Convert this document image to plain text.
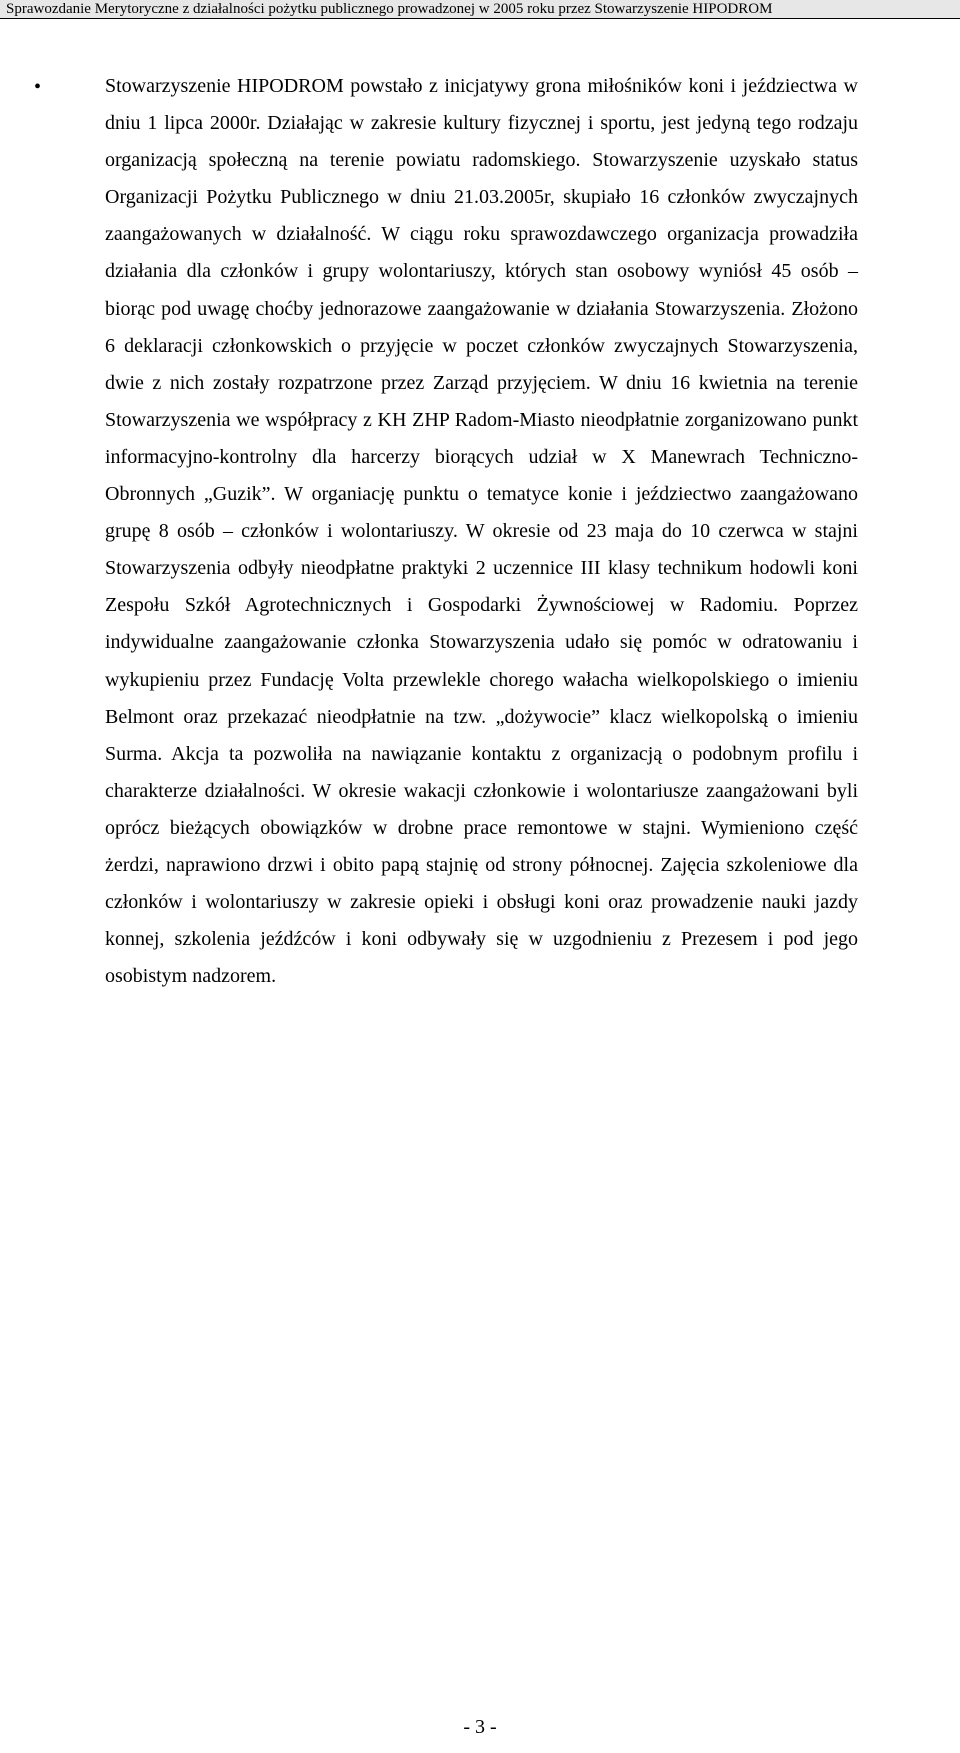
Sprawozdanie Merytoryczne z działalności pożytku publicznego prowadzonej w 2005 roku przez Stowarzyszenie HIPODROM
•	Stowarzyszenie HIPODROM powstało z inicjatywy grona miłośników koni i jeździectwa w dniu 1 lipca 2000r. Działając w zakresie kultury fizycznej i sportu, jest jedyną tego rodzaju organizacją społeczną na terenie powiatu radomskiego. Stowarzyszenie uzyskało status Organizacji Pożytku Publicznego w dniu 21.03.2005r, skupiało 16 członków zwyczajnych zaangażowanych w działalność. W ciągu roku sprawozdawczego organizacja prowadziła działania dla członków i grupy wolontariuszy, których stan osobowy wyniósł 45 osób – biorąc pod uwagę choćby jednorazowe zaangażowanie w działania Stowarzyszenia. Złożono 6 deklaracji członkowskich o przyjęcie w poczet członków zwyczajnych Stowarzyszenia, dwie z nich zostały rozpatrzone przez Zarząd przyjęciem. W dniu 16 kwietnia na terenie Stowarzyszenia we współpracy z KH ZHP Radom-Miasto nieodpłatnie zorganizowano punkt informacyjno-kontrolny dla harcerzy biorących udział w X Manewrach Techniczno-Obronnych „Guzik”. W organiację punktu o tematyce konie i jeździectwo zaangażowano grupę 8 osób – członków i wolontariuszy. W okresie od 23 maja do 10 czerwca w stajni Stowarzyszenia odbyły nieodpłatne praktyki 2 uczennice III klasy technikum hodowli koni Zespołu Szkół Agrotechnicznych i Gospodarki Żywnościowej w Radomiu. Poprzez indywidualne zaangażowanie członka Stowarzyszenia udało się pomóc w odratowaniu i wykupieniu przez Fundację Volta przewlekle chorego wałacha wielkopolskiego o imieniu Belmont oraz przekazać nieodpłatnie na tzw. „dożywocie” klacz wielkopolską o imieniu Surma. Akcja ta pozwoliła na nawiązanie kontaktu z organizacją o podobnym profilu i charakterze działalności. W okresie wakacji członkowie i wolontariusze zaangażowani byli oprócz bieżących obowiązków w drobne prace remontowe w stajni. Wymieniono część żerdzi, naprawiono drzwi i obito papą stajnię od strony północnej. Zajęcia szkoleniowe dla członków i wolontariuszy w zakresie opieki i obsługi koni oraz prowadzenie nauki jazdy konnej, szkolenia jeźdźców i koni odbywały się w uzgodnieniu z Prezesem i pod jego osobistym nadzorem.

- 3 -
